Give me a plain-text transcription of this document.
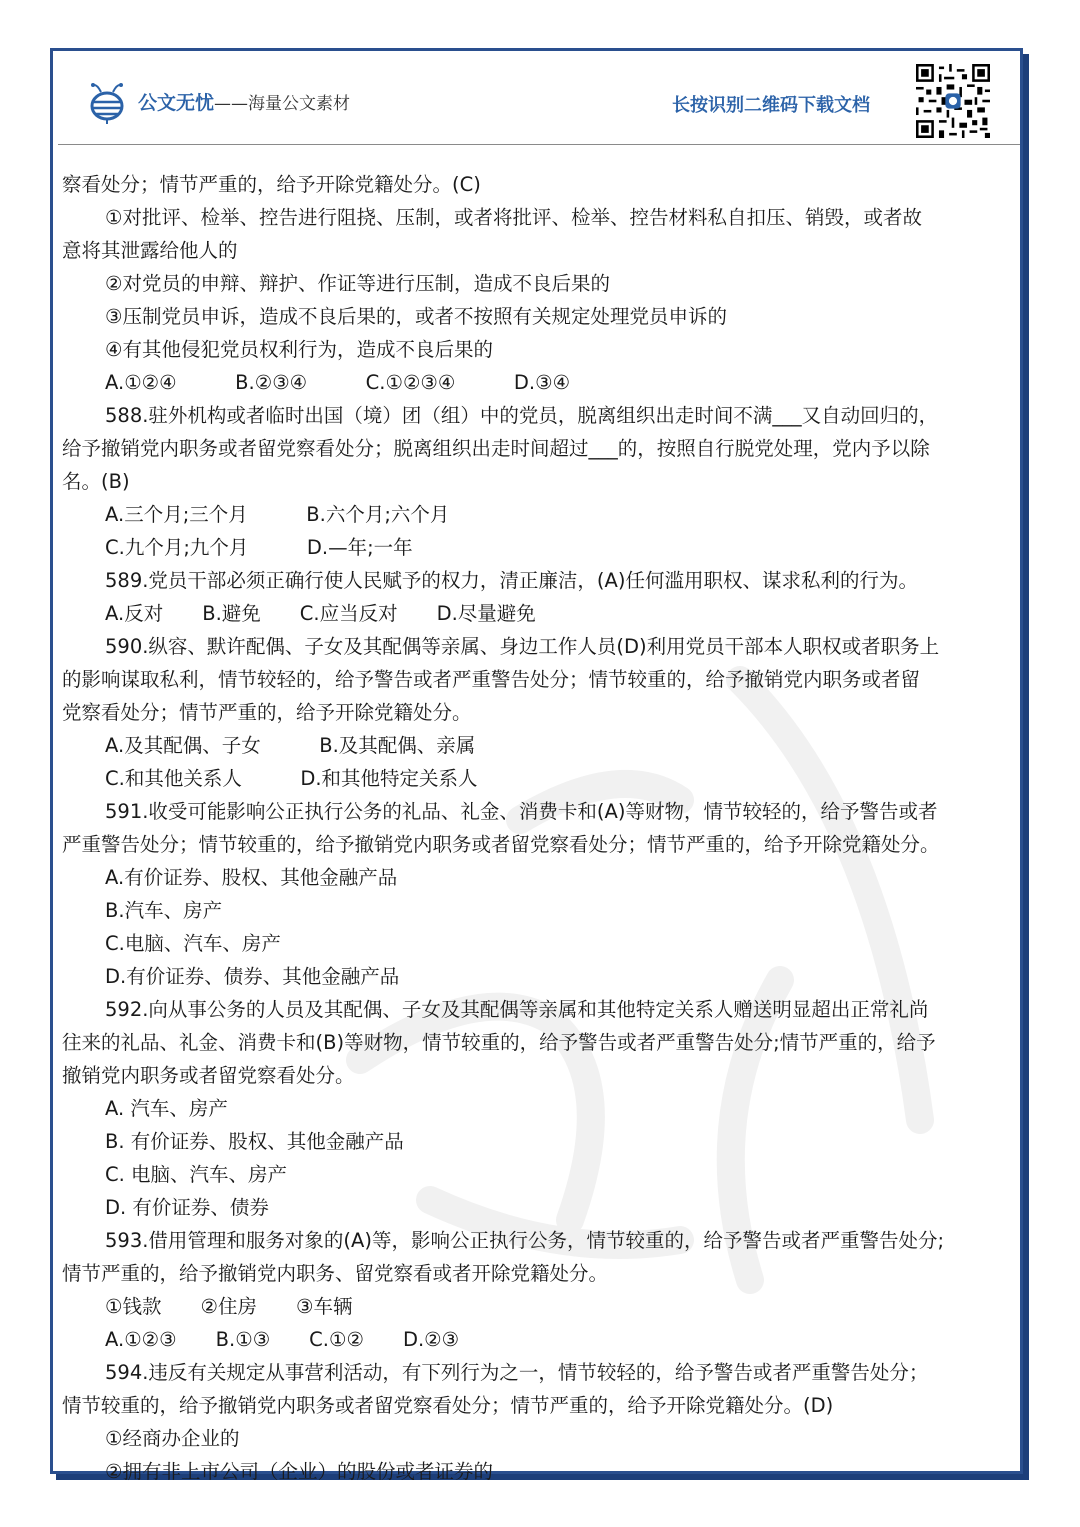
公文无忧——海量公文素材	长按识别二维码下载文档
察看处分；情节严重的，给予开除党籍处分。(C)
①对批评、检举、控告进行阻挠、压制，或者将批评、检举、控告材料私自扣压、销毁，或者故
意将其泄露给他人的
②对党员的申辩、辩护、作证等进行压制，造成不良后果的
③压制党员申诉，造成不良后果的，或者不按照有关规定处理党员申诉的
④有其他侵犯党员权利行为，造成不良后果的
A.①②④　　　B.②③④　　　C.①②③④　　　D.③④
588.驻外机构或者临时出国（境）团（组）中的党员，脱离组织出走时间不满___又自动回归的，
给予撤销党内职务或者留党察看处分；脱离组织出走时间超过___的，按照自行脱党处理，党内予以除
名。(B)
A.三个月;三个月　　　B.六个月;六个月
C.九个月;九个月　　　D.—年;一年
589.党员干部必须正确行使人民赋予的权力，清正廉洁，(A)任何滥用职权、谋求私利的行为。
A.反对　　B.避免　　C.应当反对　　D.尽量避免
590.纵容、默许配偶、子女及其配偶等亲属、身边工作人员(D)利用党员干部本人职权或者职务上
的影响谋取私利，情节较轻的，给予警告或者严重警告处分；情节较重的，给予撤销党内职务或者留
党察看处分；情节严重的，给予开除党籍处分。
A.及其配偶、子女　　　B.及其配偶、亲属
C.和其他关系人　　　D.和其他特定关系人
591.收受可能影响公正执行公务的礼品、礼金、消费卡和(A)等财物，情节较轻的，给予警告或者
严重警告处分；情节较重的，给予撤销党内职务或者留党察看处分；情节严重的，给予开除党籍处分。
A.有价证券、股权、其他金融产品
B.汽车、房产
C.电脑、汽车、房产
D.有价证券、债券、其他金融产品
592.向从事公务的人员及其配偶、子女及其配偶等亲属和其他特定关系人赠送明显超出正常礼尚
往来的礼品、礼金、消费卡和(B)等财物，情节较重的，给予警告或者严重警告处分;情节严重的，给予
撤销党内职务或者留党察看处分。
A. 汽车、房产
B. 有价证券、股权、其他金融产品
C. 电脑、汽车、房产
D. 有价证券、债券
593.借用管理和服务对象的(A)等，影响公正执行公务，情节较重的，给予警告或者严重警告处分;
情节严重的，给予撤销党内职务、留党察看或者开除党籍处分。
①钱款　　②住房　　③车辆
A.①②③　　B.①③　　C.①②　　D.②③
594.违反有关规定从事营利活动，有下列行为之一，情节较轻的，给予警告或者严重警告处分；
情节较重的，给予撤销党内职务或者留党察看处分；情节严重的，给予开除党籍处分。(D)
①经商办企业的
②拥有非上市公司（企业）的股份或者证券的
